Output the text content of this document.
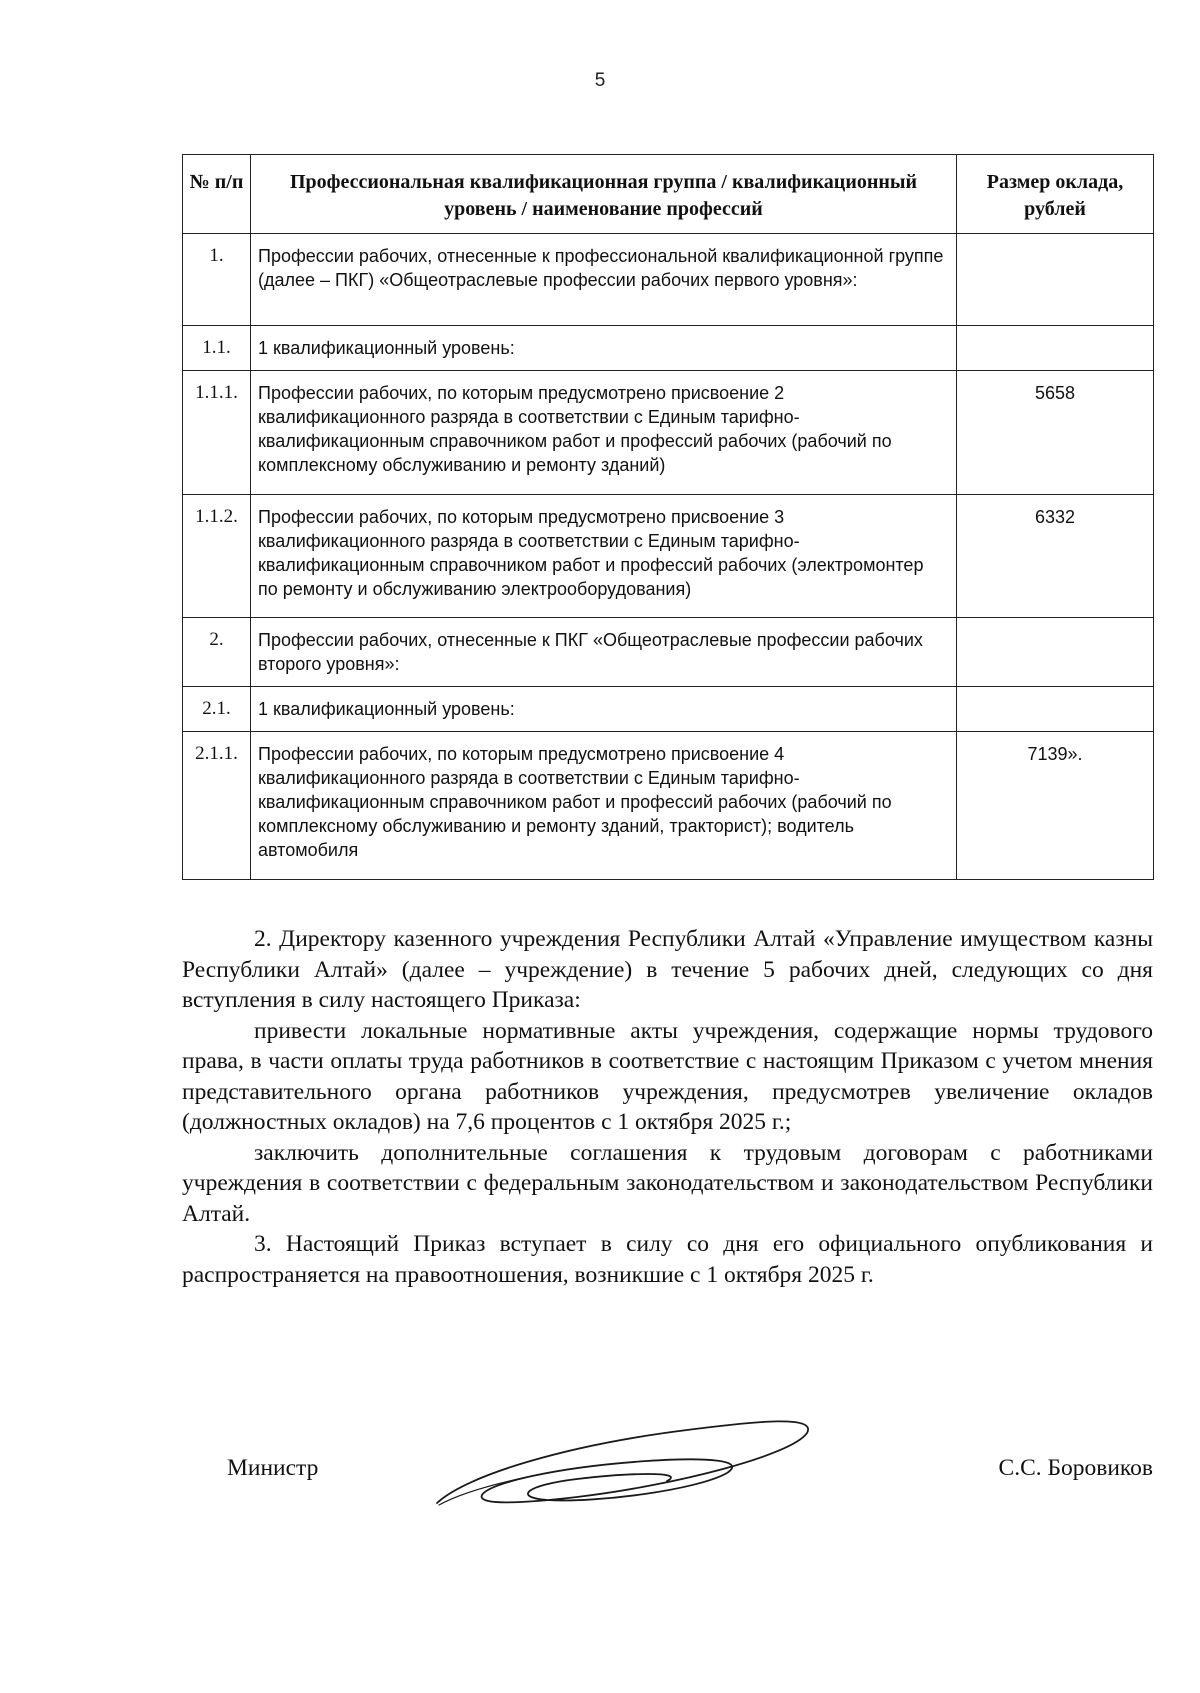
5
№ п/п	Профессиональная квалификационная группа / квалификационный уровень / наименование профессий	Размер оклада, рублей
1.	Профессии рабочих, отнесенные к профессиональной квалификационной группе (далее – ПКГ) «Общеотраслевые профессии рабочих первого уровня»:	
1.1.	1 квалификационный уровень:	
1.1.1.	Профессии рабочих, по которым предусмотрено присвоение 2 квалификационного разряда в соответствии с Единым тарифно-квалификационным справочником работ и профессий рабочих (рабочий по комплексному обслуживанию и ремонту зданий)	5658
1.1.2.	Профессии рабочих, по которым предусмотрено присвоение 3 квалификационного разряда в соответствии с Единым тарифно-квалификационным справочником работ и профессий рабочих (электромонтер по ремонту и обслуживанию электрооборудования)	6332
2.	Профессии рабочих, отнесенные к ПКГ «Общеотраслевые профессии рабочих второго уровня»:	
2.1.	1 квалификационный уровень:	
2.1.1.	Профессии рабочих, по которым предусмотрено присвоение 4 квалификационного разряда в соответствии с Единым тарифно-квалификационным справочником работ и профессий рабочих (рабочий по комплексному обслуживанию и ремонту зданий, тракторист); водитель автомобиля	7139».

2. Директору казенного учреждения Республики Алтай «Управление имуществом казны Республики Алтай» (далее – учреждение) в течение 5 рабочих дней, следующих со дня вступления в силу настоящего Приказа:

привести локальные нормативные акты учреждения, содержащие нормы трудового права, в части оплаты труда работников в соответствие с настоящим Приказом с учетом мнения представительного органа работников учреждения, предусмотрев увеличение окладов (должностных окладов) на 7,6 процентов с 1 октября 2025 г.;

заключить дополнительные соглашения к трудовым договорам с работниками учреждения в соответствии с федеральным законодательством и законодательством Республики Алтай.

3. Настоящий Приказ вступает в силу со дня его официального опубликования и распространяется на правоотношения, возникшие с 1 октября 2025 г.

Министр	С.С. Боровиков
